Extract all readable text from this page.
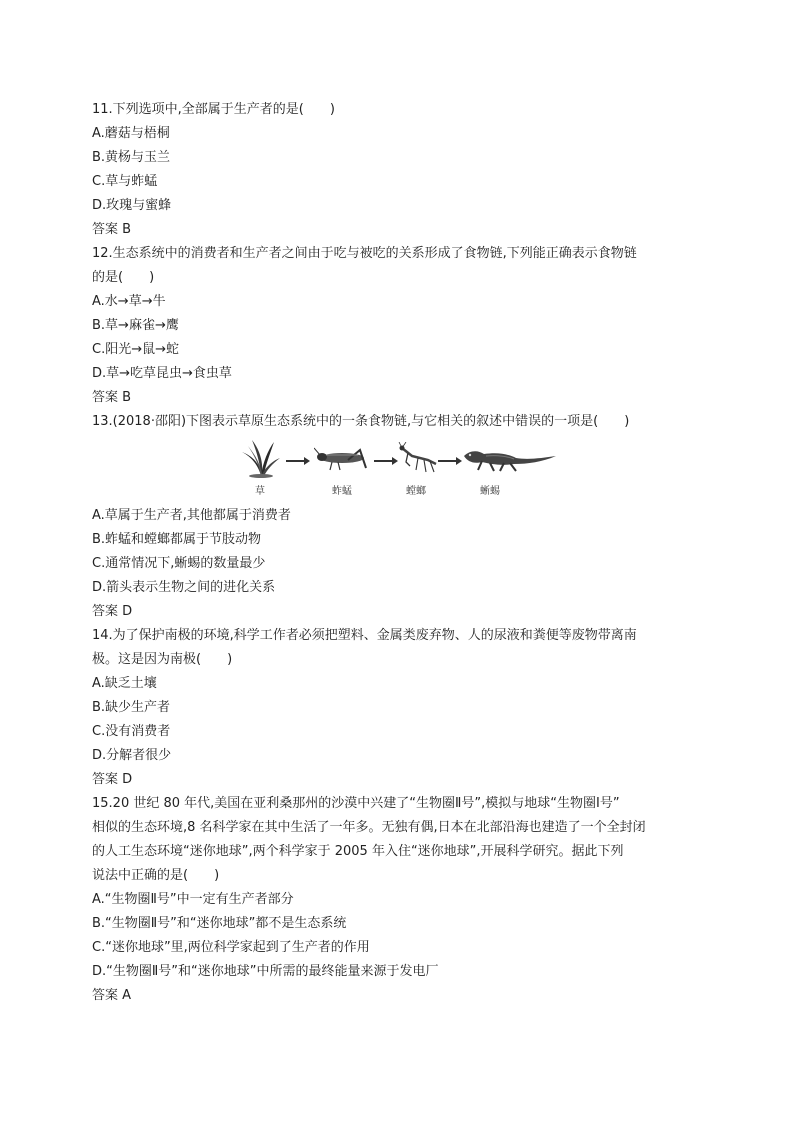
11.下列选项中,全部属于生产者的是(　　)
A.蘑菇与梧桐
B.黄杨与玉兰
C.草与蚱蜢
D.玫瑰与蜜蜂
答案 B
12.生态系统中的消费者和生产者之间由于吃与被吃的关系形成了食物链,下列能正确表示食物链
的是(　　)
A.水→草→牛
B.草→麻雀→鹰
C.阳光→鼠→蛇
D.草→吃草昆虫→食虫草
答案 B
13.(2018·邵阳)下图表示草原生态系统中的一条食物链,与它相关的叙述中错误的一项是(　　)
草	蚱蜢	螳螂	蜥蜴
A.草属于生产者,其他都属于消费者
B.蚱蜢和螳螂都属于节肢动物
C.通常情况下,蜥蜴的数量最少
D.箭头表示生物之间的进化关系
答案 D
14.为了保护南极的环境,科学工作者必须把塑料、金属类废弃物、人的尿液和粪便等废物带离南
极。这是因为南极(　　)
A.缺乏土壤
B.缺少生产者
C.没有消费者
D.分解者很少
答案 D
15.20 世纪 80 年代,美国在亚利桑那州的沙漠中兴建了“生物圈Ⅱ号”,模拟与地球“生物圈Ⅰ号”
相似的生态环境,8 名科学家在其中生活了一年多。无独有偶,日本在北部沿海也建造了一个全封闭
的人工生态环境“迷你地球”,两个科学家于 2005 年入住“迷你地球”,开展科学研究。据此下列
说法中正确的是(　　)
A.“生物圈Ⅱ号”中一定有生产者部分
B.“生物圈Ⅱ号”和“迷你地球”都不是生态系统
C.“迷你地球”里,两位科学家起到了生产者的作用
D.“生物圈Ⅱ号”和“迷你地球”中所需的最终能量来源于发电厂
答案 A
